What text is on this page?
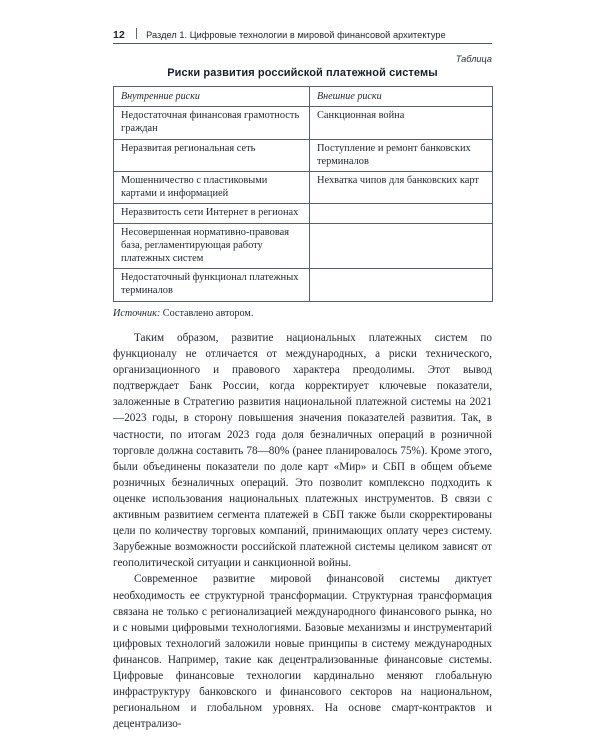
12 Раздел 1. Цифровые технологии в мировой финансовой архитектуре
Таблица
Риски развития российской платежной системы
Внутренние риски	Внешние риски
Недостаточная финансовая грамотность граждан	Санкционная война
Неразвитая региональная сеть	Поступление и ремонт банковских терминалов
Мошенничество с пластиковыми картами и информацией	Нехватка чипов для банковских карт
Неразвитость сети Интернет в регионах	
Несовершенная нормативно-правовая база, регламентирующая работу платежных систем	
Недостаточный функционал платежных терминалов	
Источник: Составлено автором.

Таким образом, развитие национальных платежных систем по функционалу не отличается от международных, а риски технического, организационного и правового характера преодолимы. Этот вывод подтверждает Банк России, когда корректирует ключевые показатели, заложенные в Стратегию развития национальной платежной системы на 2021—2023 годы, в сторону повышения значения показателей развития. Так, в частности, по итогам 2023 года доля безналичных операций в розничной торговле должна составить 78—80% (ранее планировалось 75%). Кроме этого, были объединены показатели по доле карт «Мир» и СБП в общем объеме розничных безналичных операций. Это позволит комплексно подходить к оценке использования национальных платежных инструментов. В связи с активным развитием сегмента платежей в СБП также были скорректированы цели по количеству торговых компаний, принимающих оплату через систему. Зарубежные возможности российской платежной системы целиком зависят от геополитической ситуации и санкционной войны.

Современное развитие мировой финансовой системы диктует необходимость ее структурной трансформации. Структурная трансформация связана не только с регионализацией международного финансового рынка, но и с новыми цифровыми технологиями. Базовые механизмы и инструментарий цифровых технологий заложили новые принципы в систему международных финансов. Например, такие как децентрализованные финансовые системы. Цифровые финансовые технологии кардинально меняют глобальную инфраструктуру банковского и финансового секторов на национальном, региональном и глобальном уровнях. На основе смарт-контрактов и децентрализо-
